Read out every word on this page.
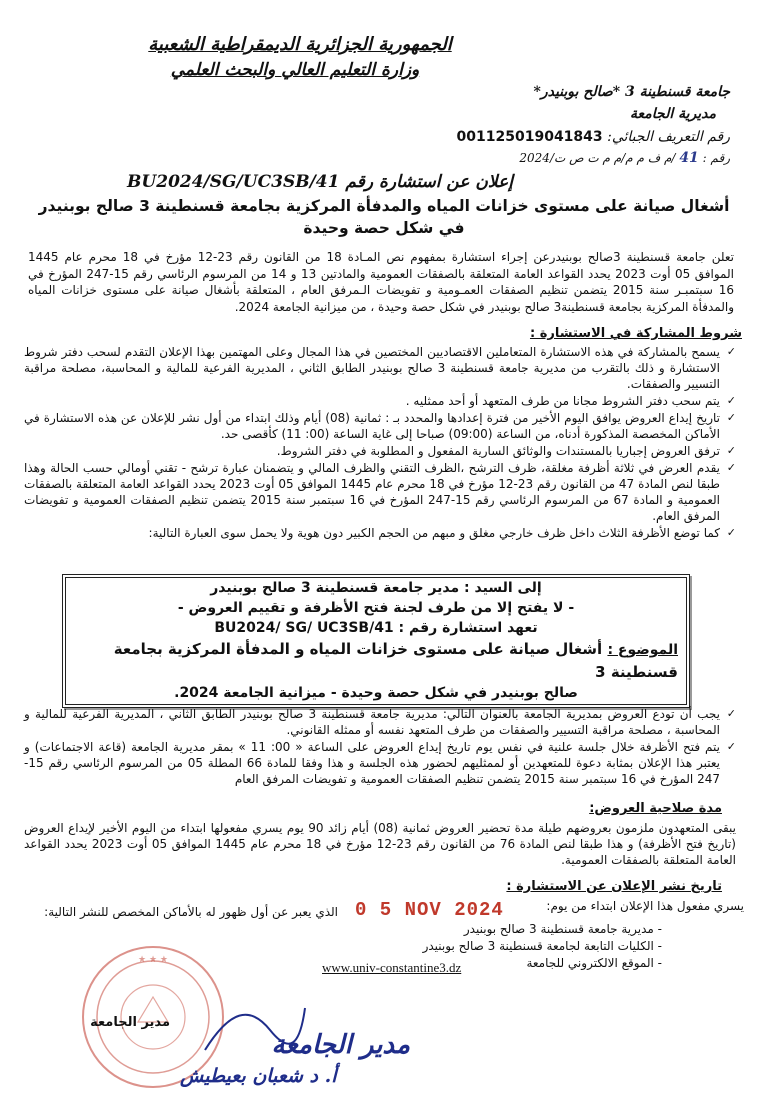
الجمهورية الجزائرية الديمقراطية الشعبية
وزارة التعليم العالي والبحث العلمي
جامعة قسنطينة 3 *صالح بوبنيدر*
مديرية الجامعة
رقم التعريف الجبائي: 001125019041843
رقم : 41 /م ف م م/م م ت ص ت/2024
إعلان عن استشارة رقم BU2024/SG/UC3SB/41
أشغال صيانة على مستوى خزانات المياه والمدفأة المركزية بجامعة قسنطينة 3 صالح بوبنيدر
في شكل حصة وحيدة
تعلن جامعة قسنطينة 3صالح بوبنيدرعن إجراء استشارة بمفهوم نص المـادة 18 من القانون رقم 23-12 مؤرخ في 18 محرم عام 1445 الموافق 05 أوت 2023 يحدد القواعد العامة المتعلقة بالصفقات العمومية والمادتين 13 و 14 من المرسوم الرئاسي رقم 15-247 المؤرخ في 16 سبتمبـر سنة 2015 يتضمن تنظيم الصفقات العمـومية و تفويضات الـمرفق العام ، المتعلقة بأشغال صيانة على مستوى خزانات المياه والمدفأة المركزية بجامعة قسنطينة3 صالح بوبنيدر في شكل حصة وحيدة ، من ميزانية الجامعة 2024.
شروط المشاركة في الاستشارة :
✓ يسمح بالمشاركة في هذه الاستشارة المتعاملين الاقتصاديين المختصين في هذا المجال وعلى المهتمين بهذا الإعلان التقدم لسحب دفتر شروط الاستشارة و ذلك بالتقرب من مديرية جامعة قسنطينة 3 صالح بوبنيدر الطابق الثاني ، المديرية الفرعية للمالية و المحاسبة، مصلحة مراقبة التسيير والصفقات.
✓ يتم سحب دفتر الشروط مجانا من طرف المتعهد أو أحد ممثليه .
✓ تاريخ إيداع العروض يوافق اليوم الأخير من فترة إعدادها والمحدد بـ : ثمانية (08) أيام وذلك ابتداء من أول نشر للإعلان عن هذه الاستشارة في الأماكن المخصصة المذكورة أدناه، من الساعة (09:00) صباحا إلى غاية الساعة (00: 11) كأقصى حد.
✓ ترفق العروض إجباريا بالمستندات والوثائق السارية المفعول و المطلوبة في دفتر الشروط.
✓ يقدم العرض في ثلاثة أظرفة مغلقة، ظرف الترشح ،الظرف التقني والظرف المالي و يتضمنان عبارة ترشح - تقني أومالي حسب الحالة وهذا طبقا لنص المادة 47 من القانون رقم 23-12 مؤرخ في 18 محرم عام 1445 الموافق 05 أوت 2023 يحدد القواعد العامة المتعلقة بالصفقات العمومية و المادة 67 من المرسوم الرئاسي رقم 15-247 المؤرخ في 16 سبتمبر سنة 2015 يتضمن تنظيم الصفقات العمومية و تفويضات المرفق العام.
✓ كما توضع الأظرفة الثلاث داخل ظرف خارجي مغلق و مبهم من الحجم الكبير دون هوية ولا يحمل سوى العبارة التالية:
إلى السيد : مدير جامعة قسنطينة 3 صالح بوبنيدر
- لا يفتح إلا من طرف لجنة فتح الأظرفة و تقييم العروض -
تعهد استشارة رقم : BU2024/ SG/ UC3SB/41
الموضوع : أشغال صيانة على مستوى خزانات المياه و المدفأة المركزية بجامعة قسنطينة 3
صالح بوبنيدر في شكل حصة وحيدة - ميزانية الجامعة 2024.
✓ يجب أن تودع العروض بمديرية الجامعة بالعنوان التالي: مديرية جامعة قسنطينة 3 صالح بوبنيدر الطابق الثاني ، المديرية الفرعية للمالية و المحاسبة ، مصلحة مراقبة التسيير والصفقات من طرف المتعهد نفسه أو ممثله القانوني.
✓ يتم فتح الأظرفة خلال جلسة علنية في نفس يوم تاريخ إيداع العروض على الساعة « 00: 11 » بمقر مديرية الجامعة (قاعة الاجتماعات) و يعتبر هذا الإعلان بمثابة دعوة للمتعهدين أو لممثليهم لحضور هذه الجلسة و هذا وفقا للمادة 66 المطلة 05 من المرسوم الرئاسي رقم 15-247 المؤرخ في 16 سبتمبر سنة 2015 يتضمن تنظيم الصفقات العمومية و تفويضات المرفق العام
مدة صلاحية العروض:
يبقى المتعهدون ملزمون بعروضهم طيلة مدة تحضير العروض ثمانية (08) أيام زائد 90 يوم يسري مفعولها ابتداء من اليوم الأخير لإيداع العروض (تاريخ فتح الأظرفة) و هذا طبقا لنص المادة 76 من القانون رقم 23-12 مؤرخ في 18 محرم عام 1445 الموافق 05 أوت 2023 يحدد القواعد العامة المتعلقة بالصفقات العمومية.
تاريخ نشر الإعلان عن الاستشارة :
يسري مفعول هذا الإعلان ابتداء من يوم:
0 5 NOV 2024
الذي يعبر عن أول ظهور له بالأماكن المخصص للنشر التالية:
- مديرية جامعة قسنطينة 3 صالح بوبنيدر
- الكليات التابعة لجامعة قسنطينة 3 صالح بوبنيدر
- الموقع الالكتروني للجامعة
www.univ-constantine3.dz
★ ★ ★
مدير الجامعة
مدير الجامعة
أ. د شعبان بعيطيش
